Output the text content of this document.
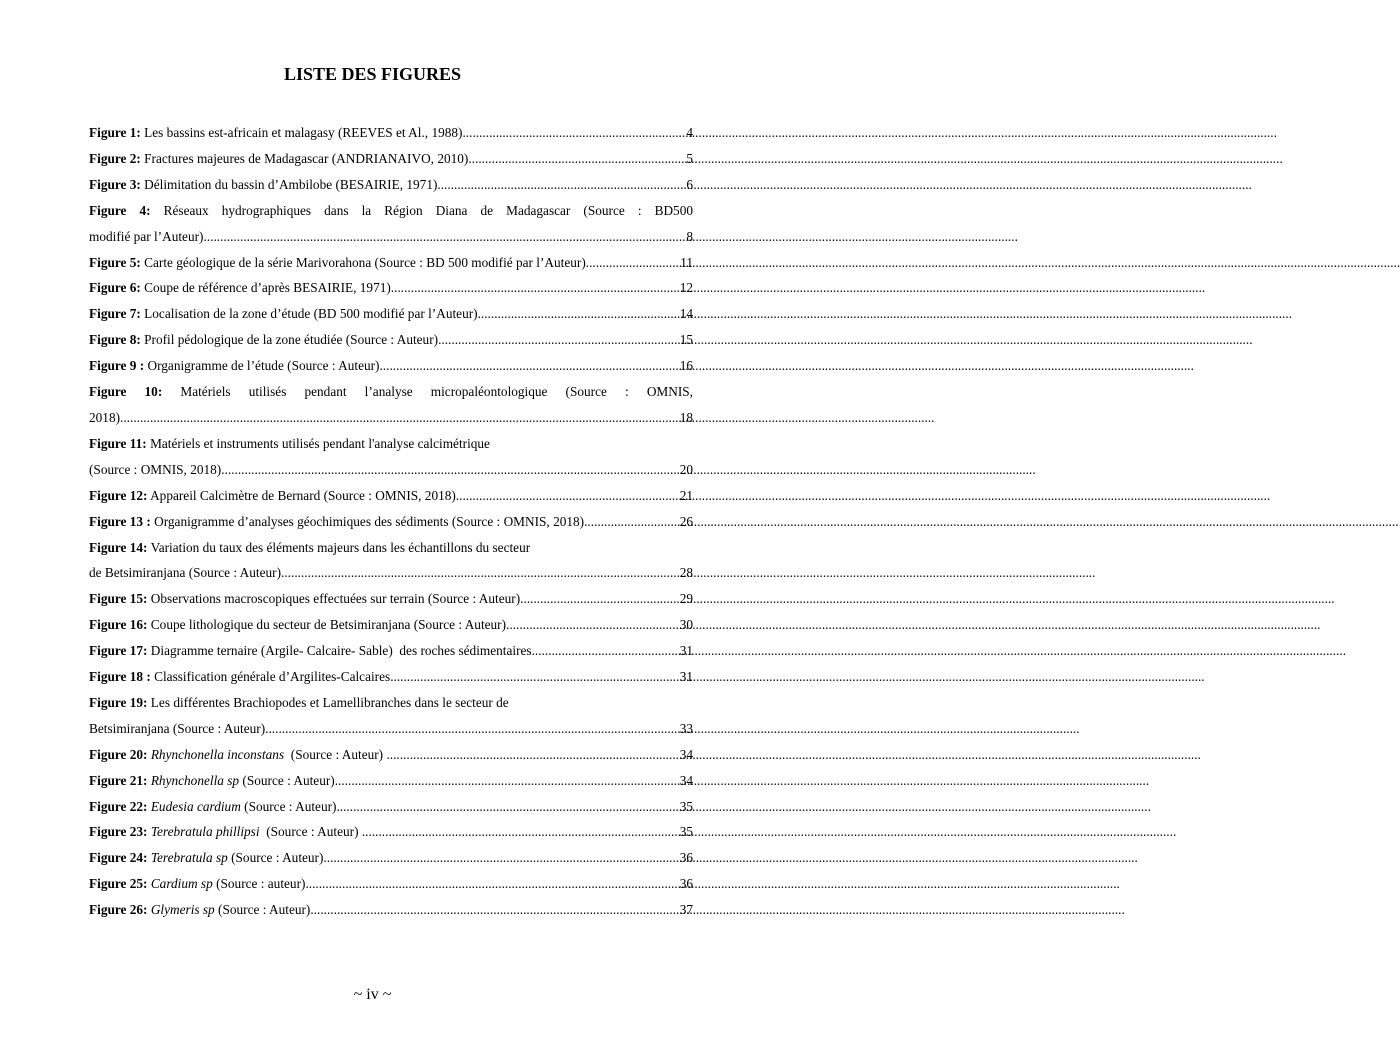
LISTE DES FIGURES
Figure 1: Les bassins est-africain et malagasy (REEVES et Al., 1988) .....	4
Figure 2: Fractures majeures de Madagascar (ANDRIANAIVO, 2010) .....	5
Figure 3: Délimitation du bassin d’Ambilobe (BESAIRIE, 1971) .....	6
Figure 4: Réseaux hydrographiques dans la Région Diana de Madagascar (Source : BD500
modifié par l’Auteur) .....	8
Figure 5: Carte géologique de la série Marivorahona (Source : BD 500 modifié par l’Auteur) .....	11
Figure 6: Coupe de référence d’après BESAIRIE, 1971) .....	12
Figure 7: Localisation de la zone d’étude (BD 500 modifié par l’Auteur) .....	14
Figure 8: Profil pédologique de la zone étudiée (Source : Auteur) .....	15
Figure 9 : Organigramme de l’étude (Source : Auteur) .....	16
Figure 10: Matériels utilisés pendant l’analyse micropaléontologique (Source : OMNIS,
2018) .....	18
Figure 11: Matériels et instruments utilisés pendant l'analyse calcimétrique
(Source : OMNIS, 2018) .....	20
Figure 12: Appareil Calcimètre de Bernard (Source : OMNIS, 2018) .....	21
Figure 13 : Organigramme d’analyses géochimiques des sédiments (Source : OMNIS, 2018) .....	26
Figure 14: Variation du taux des éléments majeurs dans les échantillons du secteur
de Betsimiranjana (Source : Auteur) .....	28
Figure 15: Observations macroscopiques effectuées sur terrain (Source : Auteur) .....	29
Figure 16: Coupe lithologique du secteur de Betsimiranjana (Source : Auteur) .....	30
Figure 17: Diagramme ternaire (Argile- Calcaire- Sable)  des roches sédimentaires .....	31
Figure 18 : Classification générale d’Argilites-Calcaires .....	31
Figure 19: Les différentes Brachiopodes et Lamellibranches dans le secteur de
Betsimiranjana (Source : Auteur) .....	33
Figure 20: Rhynchonella inconstans  (Source : Auteur) .....	34
Figure 21: Rhynchonella sp (Source : Auteur) .....	34
Figure 22: Eudesia cardium (Source : Auteur) .....	35
Figure 23: Terebratula phillipsi  (Source : Auteur) .....	35
Figure 24: Terebratula sp (Source : Auteur) .....	36
Figure 25: Cardium sp (Source : auteur) .....	36
Figure 26: Glymeris sp (Source : Auteur) .....	37
~ iv ~
